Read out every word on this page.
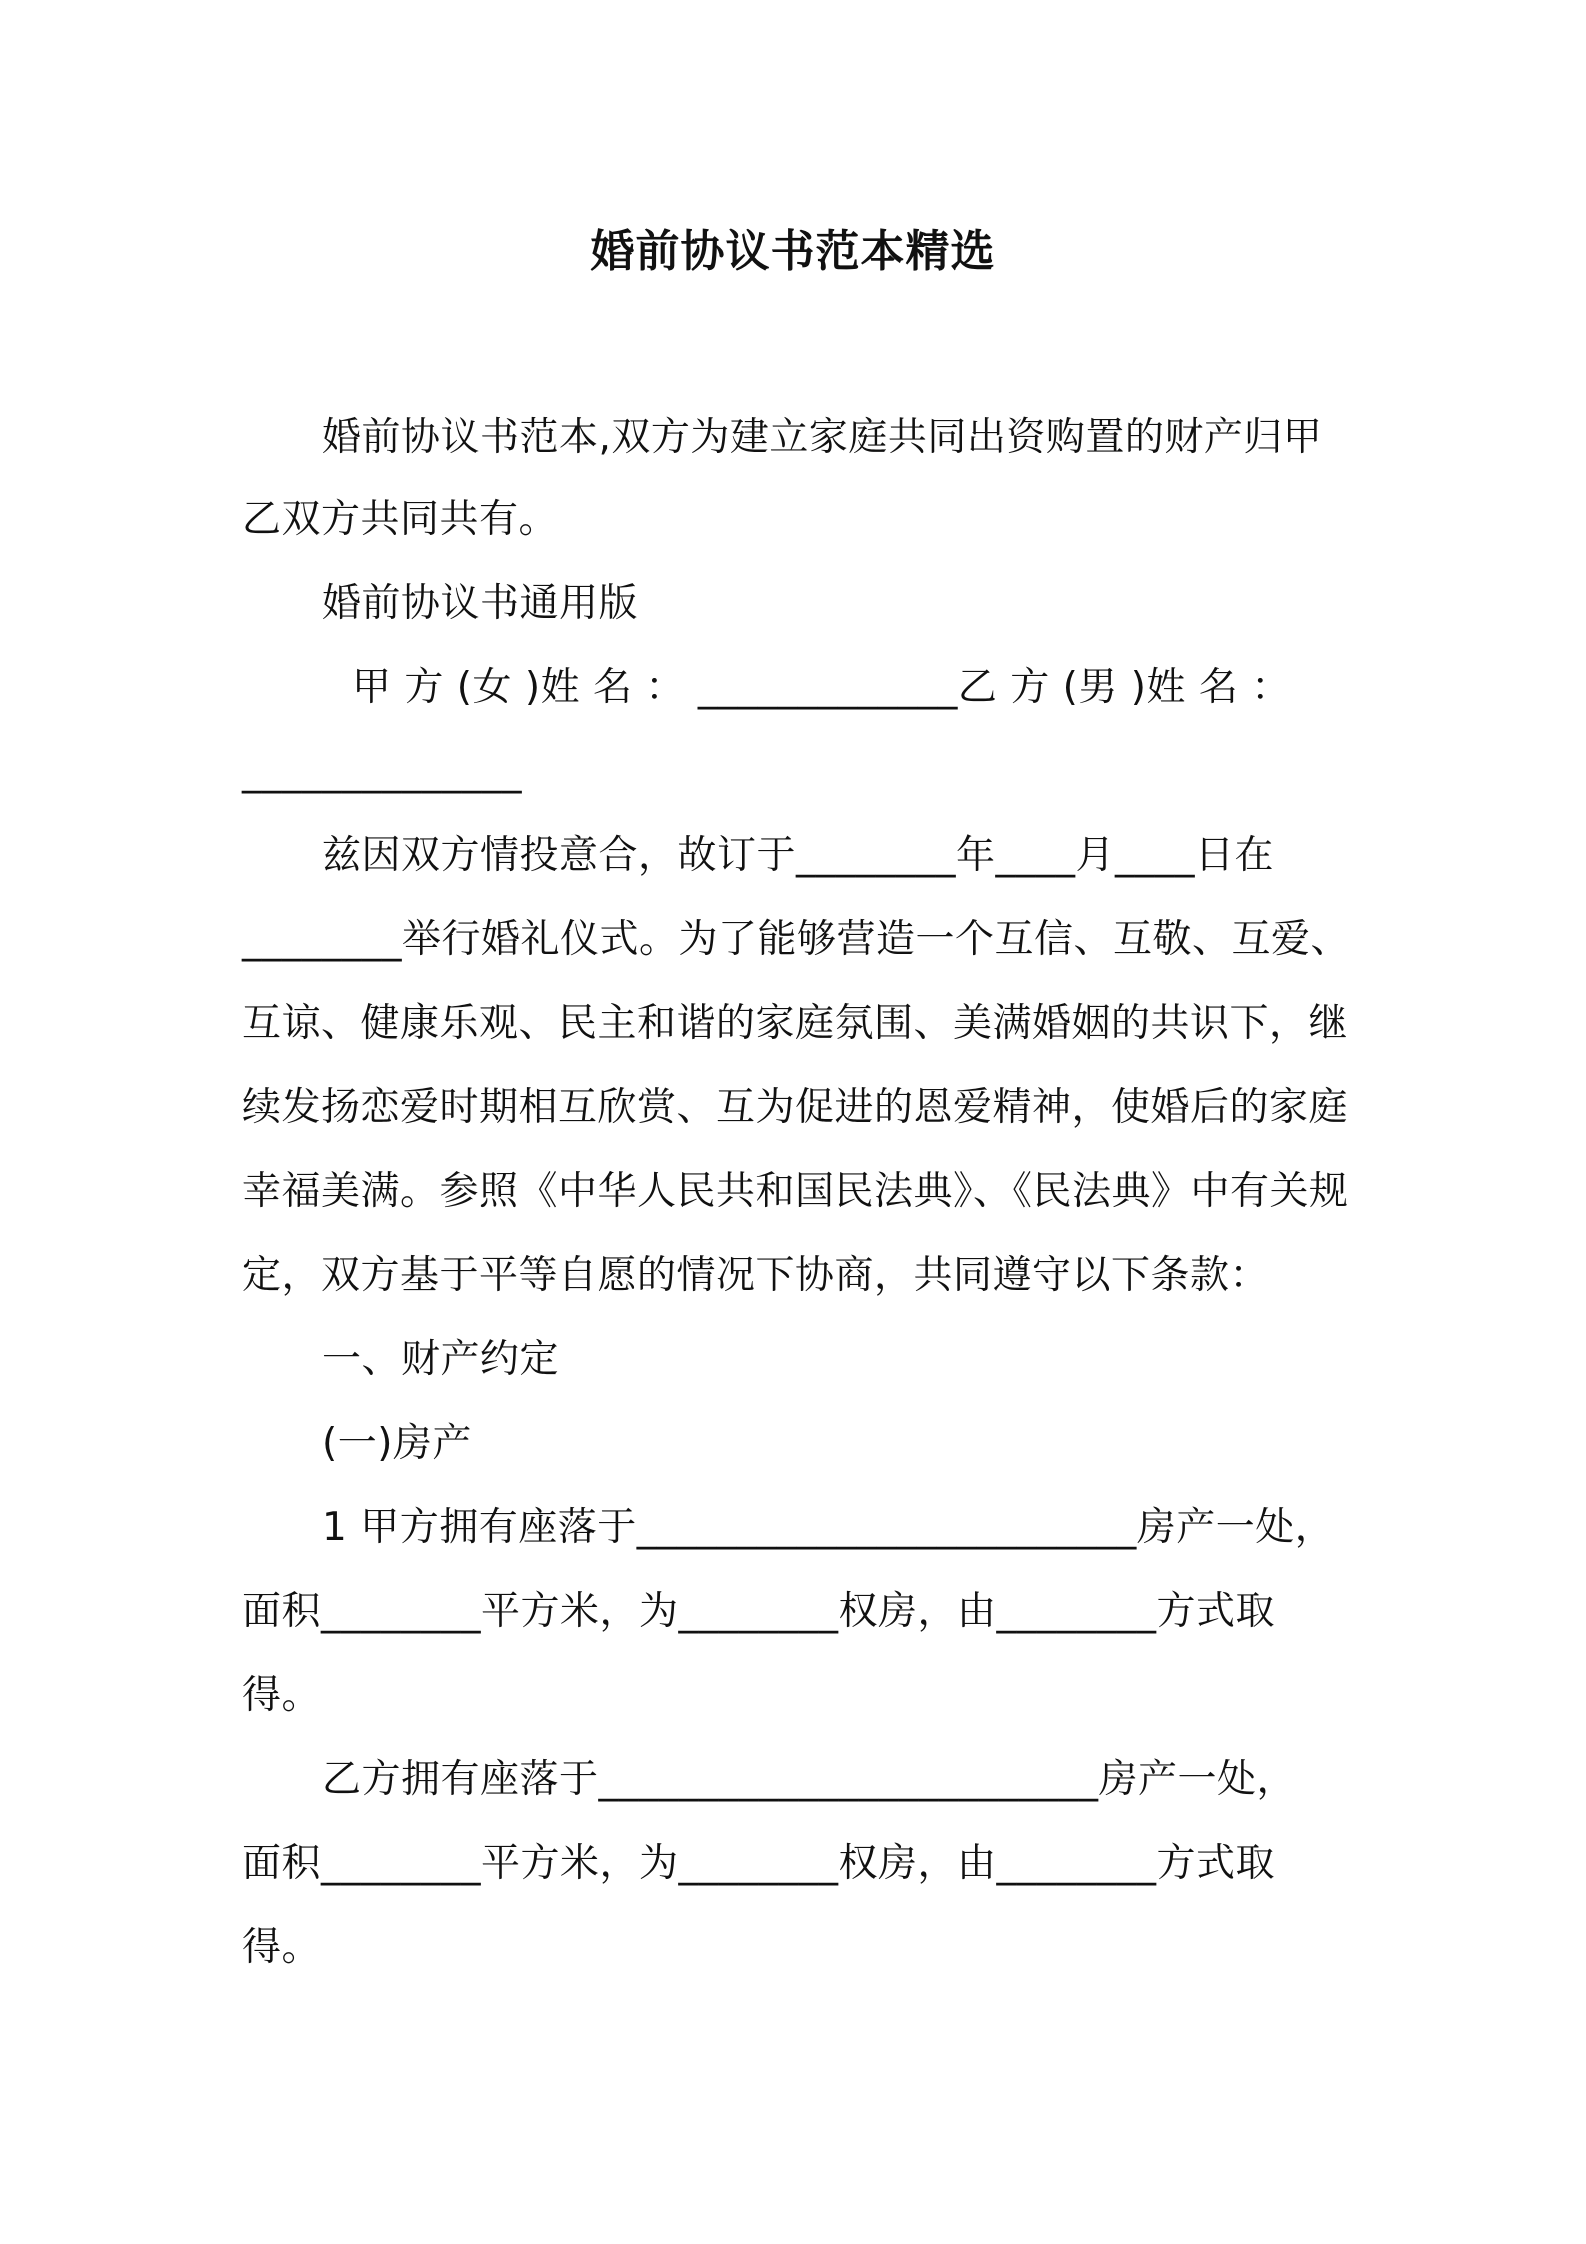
婚前协议书范本精选
婚前协议书范本,双方为建立家庭共同出资购置的财产归甲
乙双方共同共有。
婚前协议书通用版
甲 方 (女 )姓 名 ： _____________乙 方 (男 )姓 名 ：
______________
兹因双方情投意合，故订于________年____月____日在
________举行婚礼仪式。为了能够营造一个互信、互敬、互爱、
互谅、健康乐观、民主和谐的家庭氛围、美满婚姻的共识下，继
续发扬恋爱时期相互欣赏、互为促进的恩爱精神，使婚后的家庭
幸福美满。参照《中华人民共和国民法典》、《民法典》中有关规
定，双方基于平等自愿的情况下协商，共同遵守以下条款：
一、财产约定
(一)房产
1 甲方拥有座落于_________________________房产一处，
面积________平方米，为________权房，由________方式取
得。
乙方拥有座落于_________________________房产一处，
面积________平方米，为________权房，由________方式取
得。
